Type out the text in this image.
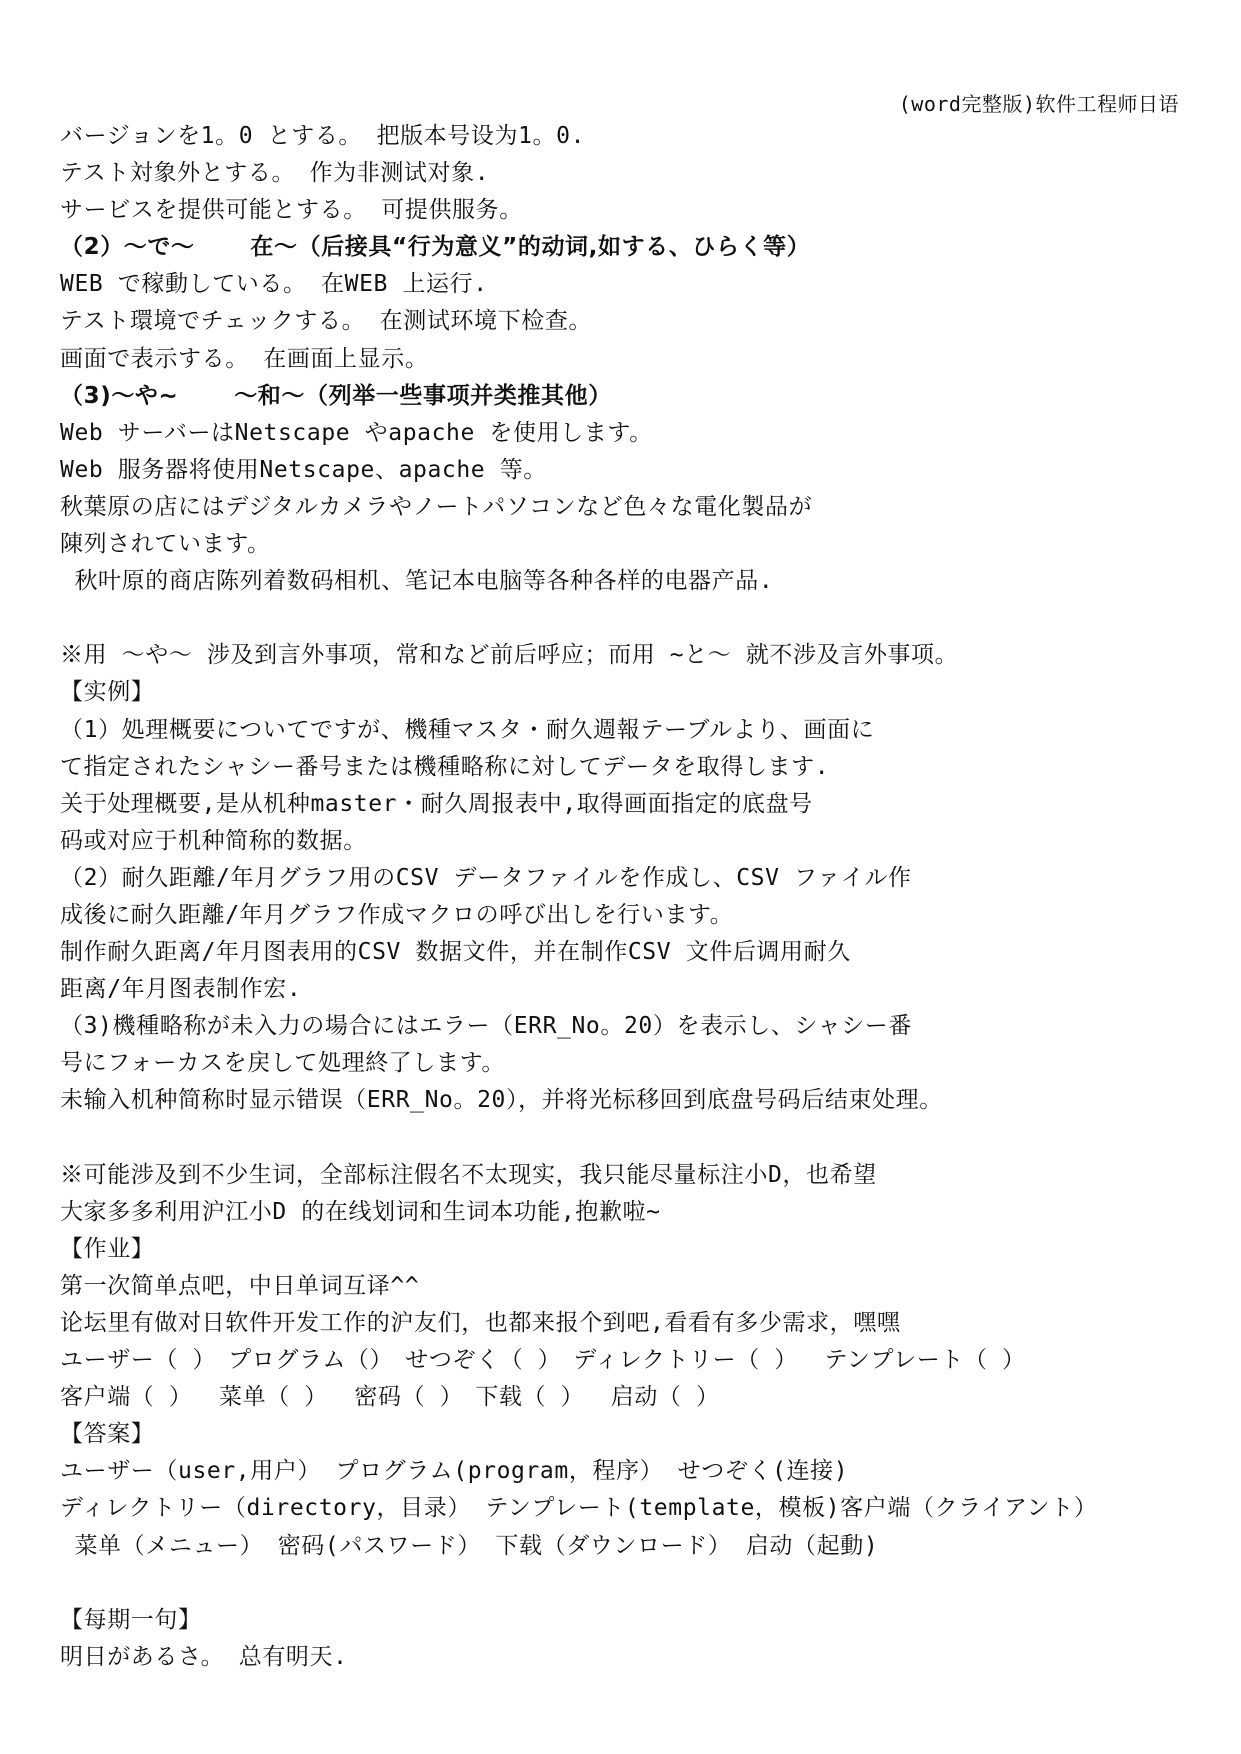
(word完整版)软件工程师日语
バージョンを1。0 とする。 把版本号设为1。0.
テスト対象外とする。 作为非测试对象.
サービスを提供可能とする。 可提供服务。
（2）～で～　　 在～（后接具“行为意义”的动词,如する、ひらく等）
WEB で稼動している。 在WEB 上运行.
テスト環境でチェックする。 在测试环境下检查。
画面で表示する。 在画面上显示。
（3)～や~　　 ～和～（列举一些事项并类推其他）
Web サーバーはNetscape やapache を使用します。
Web 服务器将使用Netscape、apache 等。
秋葉原の店にはデジタルカメラやノートパソコンなど色々な電化製品が
陳列されています。
秋叶原的商店陈列着数码相机、笔记本电脑等各种各样的电器产品.
※用 ～や～ 涉及到言外事项，常和など前后呼应；而用 ~と～ 就不涉及言外事项。
【实例】
（1）処理概要についてですが、機種マスタ・耐久週報テーブルより、画面に
て指定されたシャシー番号または機種略称に対してデータを取得します.
关于处理概要,是从机种master・耐久周报表中,取得画面指定的底盘号
码或对应于机种简称的数据。
（2）耐久距離/年月グラフ用のCSV データファイルを作成し、CSV ファイル作
成後に耐久距離/年月グラフ作成マクロの呼び出しを行います。
制作耐久距离/年月图表用的CSV 数据文件，并在制作CSV 文件后调用耐久
距离/年月图表制作宏.
（3)機種略称が未入力の場合にはエラー（ERR_No。20）を表示し、シャシー番
号にフォーカスを戻して処理終了します。
未输入机种简称时显示错误（ERR_No。20），并将光标移回到底盘号码后结束处理。
※可能涉及到不少生词，全部标注假名不太现实，我只能尽量标注小D，也希望
大家多多利用沪江小D 的在线划词和生词本功能,抱歉啦~
【作业】
第一次简单点吧，中日单词互译^^
论坛里有做对日软件开发工作的沪友们，也都来报个到吧,看看有多少需求，嘿嘿
ユーザー（ ）　プログラム（）　せつぞく（ ）　ディレクトリー（ ）　 テンプレート（ ）
客户端（ ）　 菜单（ ）　 密码（ ）　下载（ ）　 启动（ ）
【答案】
ユーザー（user,用户） プログラム(program，程序） せつぞく(连接)
ディレクトリー（directory，目录） テンプレート(template，模板)客户端（クライアント）
菜单（メニュー） 密码(パスワード） 下载（ダウンロード） 启动（起動)
【每期一句】
明日があるさ。 总有明天.
